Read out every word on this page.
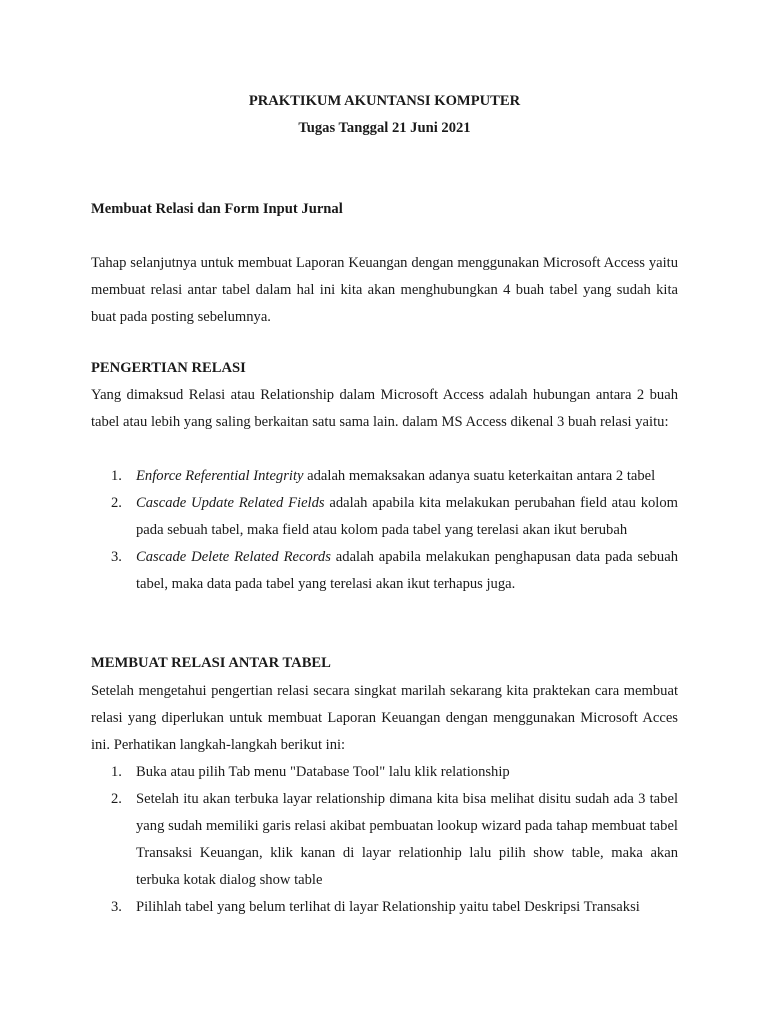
PRAKTIKUM AKUNTANSI KOMPUTER
Tugas Tanggal 21 Juni 2021
Membuat Relasi dan Form Input Jurnal

Tahap selanjutnya untuk membuat Laporan Keuangan dengan menggunakan Microsoft Access yaitu membuat relasi antar tabel dalam hal ini kita akan menghubungkan 4 buah tabel yang sudah kita buat pada posting sebelumnya.

PENGERTIAN RELASI

Yang dimaksud Relasi atau Relationship dalam Microsoft Access adalah hubungan antara 2 buah tabel atau lebih yang saling berkaitan satu sama lain. dalam MS Access dikenal 3 buah relasi yaitu:

1. Enforce Referential Integrity adalah memaksakan adanya suatu keterkaitan antara 2 tabel
2. Cascade Update Related Fields adalah apabila kita melakukan perubahan field atau kolom pada sebuah tabel, maka field atau kolom pada tabel yang terelasi akan ikut berubah
3. Cascade Delete Related Records adalah apabila melakukan penghapusan data pada sebuah tabel, maka data pada tabel yang terelasi akan ikut terhapus juga.
MEMBUAT RELASI ANTAR TABEL

Setelah mengetahui pengertian relasi secara singkat marilah sekarang kita praktekan cara membuat relasi yang diperlukan untuk membuat Laporan Keuangan dengan menggunakan Microsoft Acces ini. Perhatikan langkah-langkah berikut ini:

1. Buka atau pilih Tab menu "Database Tool" lalu klik relationship
2. Setelah itu akan terbuka layar relationship dimana kita bisa melihat disitu sudah ada 3 tabel yang sudah memiliki garis relasi akibat pembuatan lookup wizard pada tahap membuat tabel Transaksi Keuangan, klik kanan di layar relationhip lalu pilih show table, maka akan terbuka kotak dialog show table
3. Pilihlah tabel yang belum terlihat di layar Relationship yaitu tabel Deskripsi Transaksi
